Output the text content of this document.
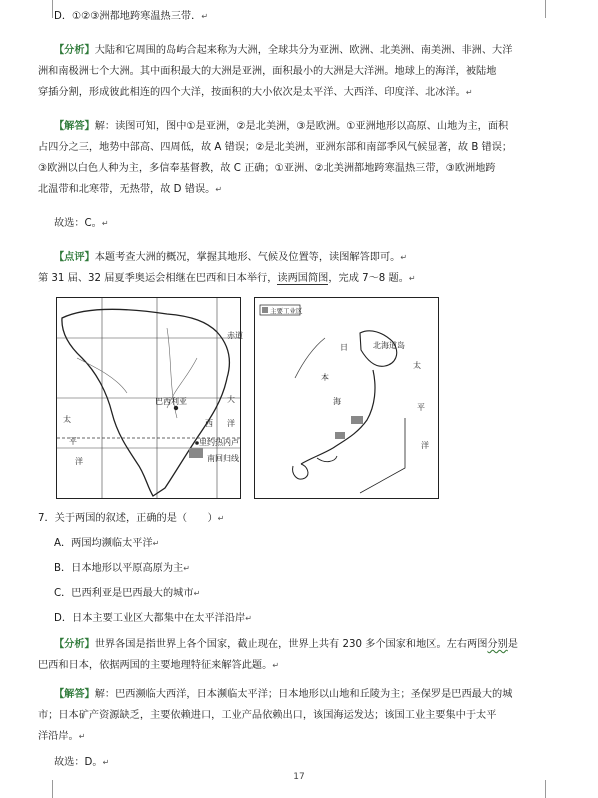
D．①②③洲都地跨寒温热三带．↵

【分析】大陆和它周围的岛屿合起来称为大洲，全球共分为亚洲、欧洲、北美洲、南美洲、非洲、大洋

洲和南极洲七个大洲。其中面积最大的大洲是亚洲，面积最小的大洲是大洋洲。地球上的海洋，被陆地

穿插分割，形成彼此相连的四个大洋，按面积的大小依次是太平洋、大西洋、印度洋、北冰洋。↵

【解答】解：读图可知，图中①是亚洲，②是北美洲，③是欧洲。①亚洲地形以高原、山地为主，面积

占四分之三，地势中部高、四周低，故 A 错误；②是北美洲，亚洲东部和南部季风气候显著，故 B 错误；

③欧洲以白色人种为主，多信奉基督教，故 C 正确；①亚洲、②北美洲都地跨寒温热三带，③欧洲地跨

北温带和北寒带，无热带，故 D 错误。↵

故选：C。↵

【点评】本题考查大洲的概况，掌握其地形、气候及位置等，读图解答即可。↵

第 31 届、32 届夏季奥运会相继在巴西和日本举行，读两国简图，完成 7～8 题。↵

巴西利亚
里约热内卢
赤道
南回归线
大
西 洋
太
平
洋
主要工业区
北海道岛
日
本
海
太
平
洋

7．关于两国的叙述，正确的是（　　）↵

A．两国均濒临太平洋↵

B．日本地形以平原高原为主↵

C．巴西利亚是巴西最大的城市↵

D．日本主要工业区大都集中在太平洋沿岸↵

【分析】世界各国是指世界上各个国家，截止现在，世界上共有 230 多个国家和地区。左右两图分别是

巴西和日本，依据两国的主要地理特征来解答此题。↵

【解答】解：巴西濒临大西洋，日本濒临太平洋；日本地形以山地和丘陵为主；圣保罗是巴西最大的城

市；日本矿产资源缺乏，主要依赖进口，工业产品依赖出口，该国海运发达；该国工业主要集中于太平

洋沿岸。↵

故选：D。↵

17
